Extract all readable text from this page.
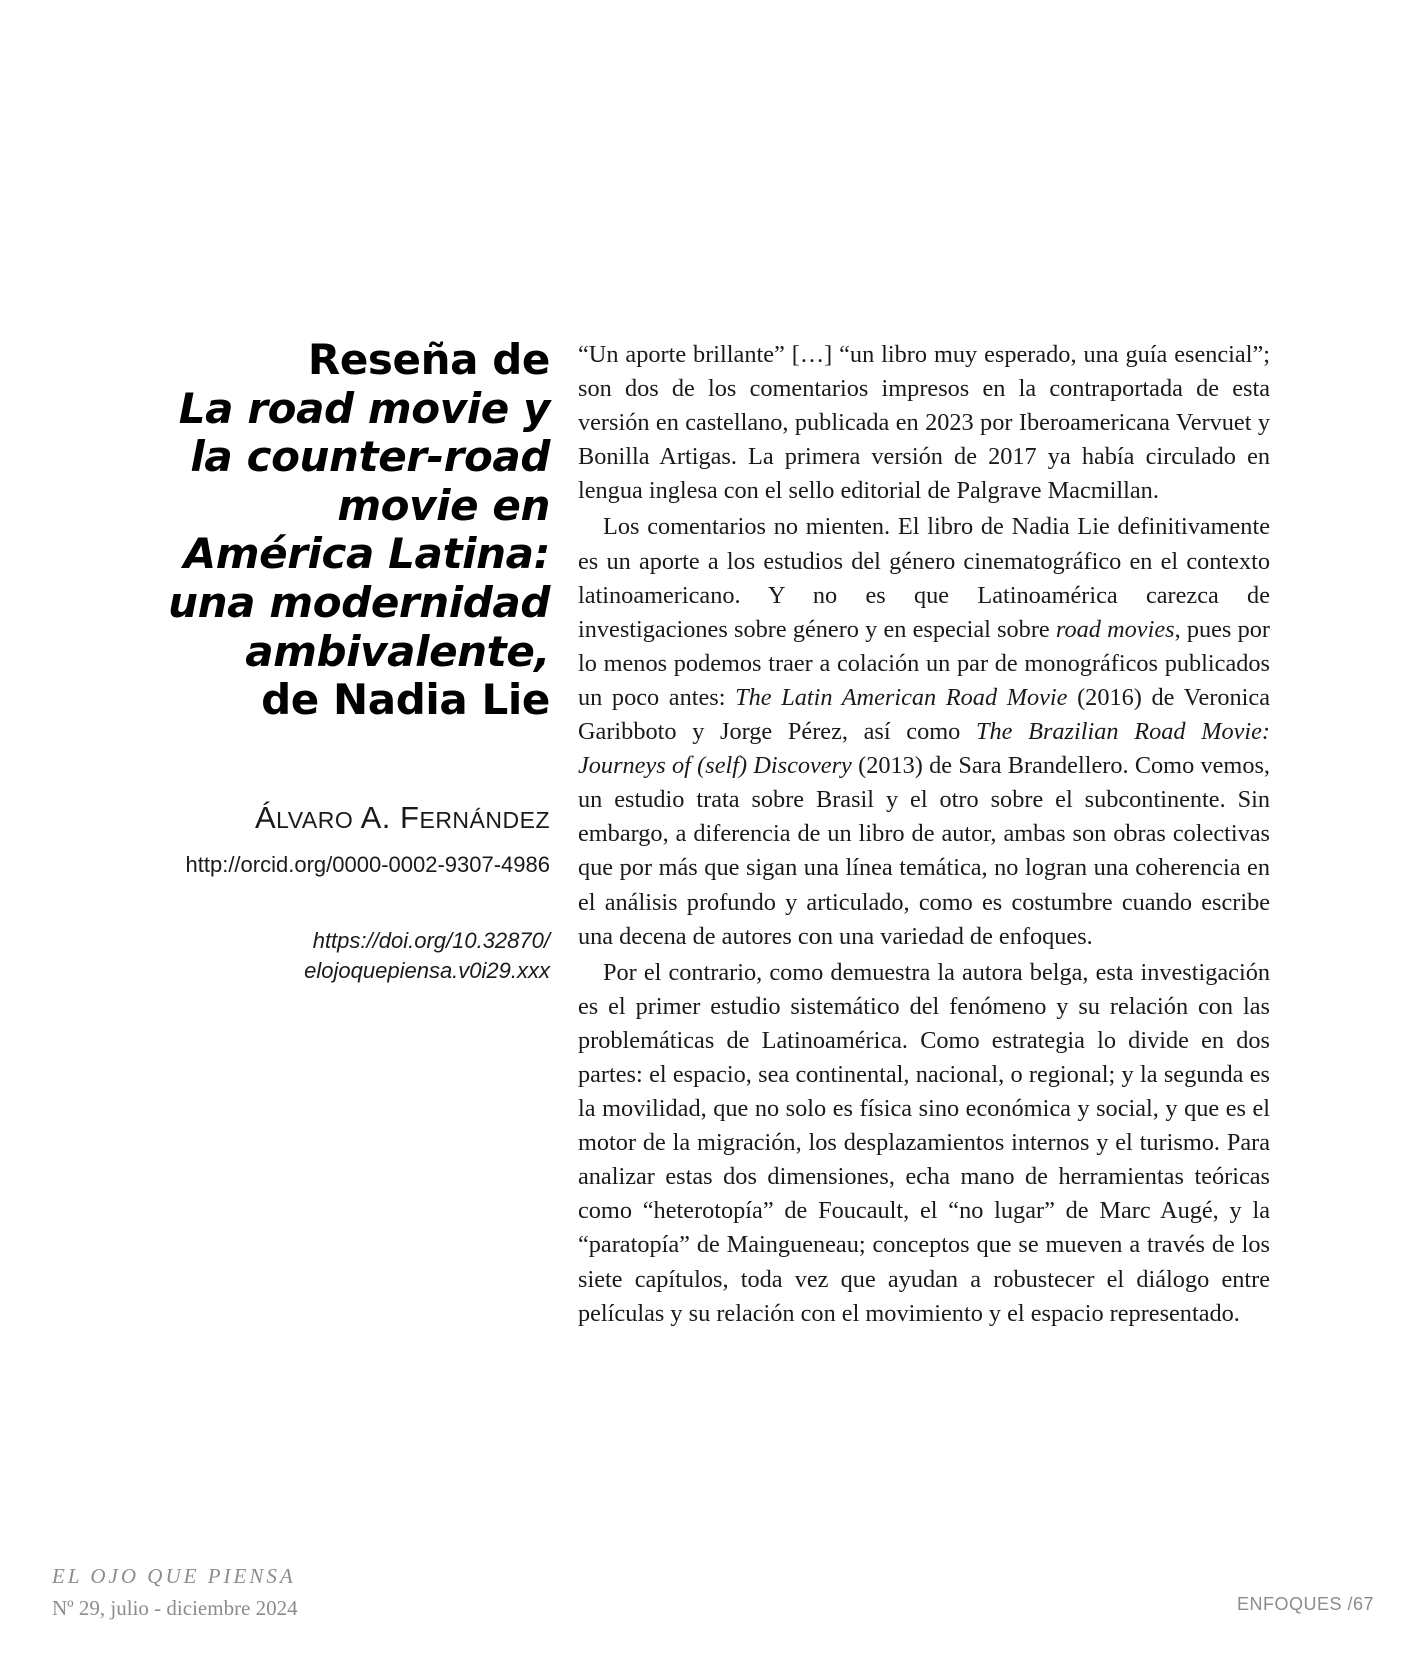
Reseña de
La road movie y
la counter-road
movie en
América Latina:
una modernidad
ambivalente,
de Nadia Lie
ÁLVARO A. FERNÁNDEZ
http://orcid.org/0000-0002-9307-4986
https://doi.org/10.32870/
elojoquepiensa.v0i29.xxx

“Un aporte brillante” […] “un libro muy esperado, una guía esencial”; son dos de los comentarios impresos en la contraportada de esta versión en castellano, publicada en 2023 por Iberoamericana Vervuet y Bonilla Artigas. La primera versión de 2017 ya había circulado en lengua inglesa con el sello editorial de Palgrave Macmillan.

Los comentarios no mienten. El libro de Nadia Lie definitivamente es un aporte a los estudios del género cinematográfico en el contexto latinoamericano. Y no es que Latinoamérica carezca de investigaciones sobre género y en especial sobre road movies, pues por lo menos podemos traer a colación un par de monográficos publicados un poco antes: The Latin American Road Movie (2016) de Veronica Garibboto y Jorge Pérez, así como The Brazilian Road Movie: Journeys of (self) Discovery (2013) de Sara Brandellero. Como vemos, un estudio trata sobre Brasil y el otro sobre el subcontinente. Sin embargo, a diferencia de un libro de autor, ambas son obras colectivas que por más que sigan una línea temática, no logran una coherencia en el análisis profundo y articulado, como es costumbre cuando escribe una decena de autores con una variedad de enfoques.

Por el contrario, como demuestra la autora belga, esta investigación es el primer estudio sistemático del fenómeno y su relación con las problemáticas de Latinoamérica. Como estrategia lo divide en dos partes: el espacio, sea continental, nacional, o regional; y la segunda es la movilidad, que no solo es física sino económica y social, y que es el motor de la migración, los desplazamientos internos y el turismo. Para analizar estas dos dimensiones, echa mano de herramientas teóricas como “heterotopía” de Foucault, el “no lugar” de Marc Augé, y la “paratopía” de Maingueneau; conceptos que se mueven a través de los siete capítulos, toda vez que ayudan a robustecer el diálogo entre películas y su relación con el movimiento y el espacio representado.

EL OJO QUE PIENSA
Nº 29, julio - diciembre 2024	ENFOQUES /67
